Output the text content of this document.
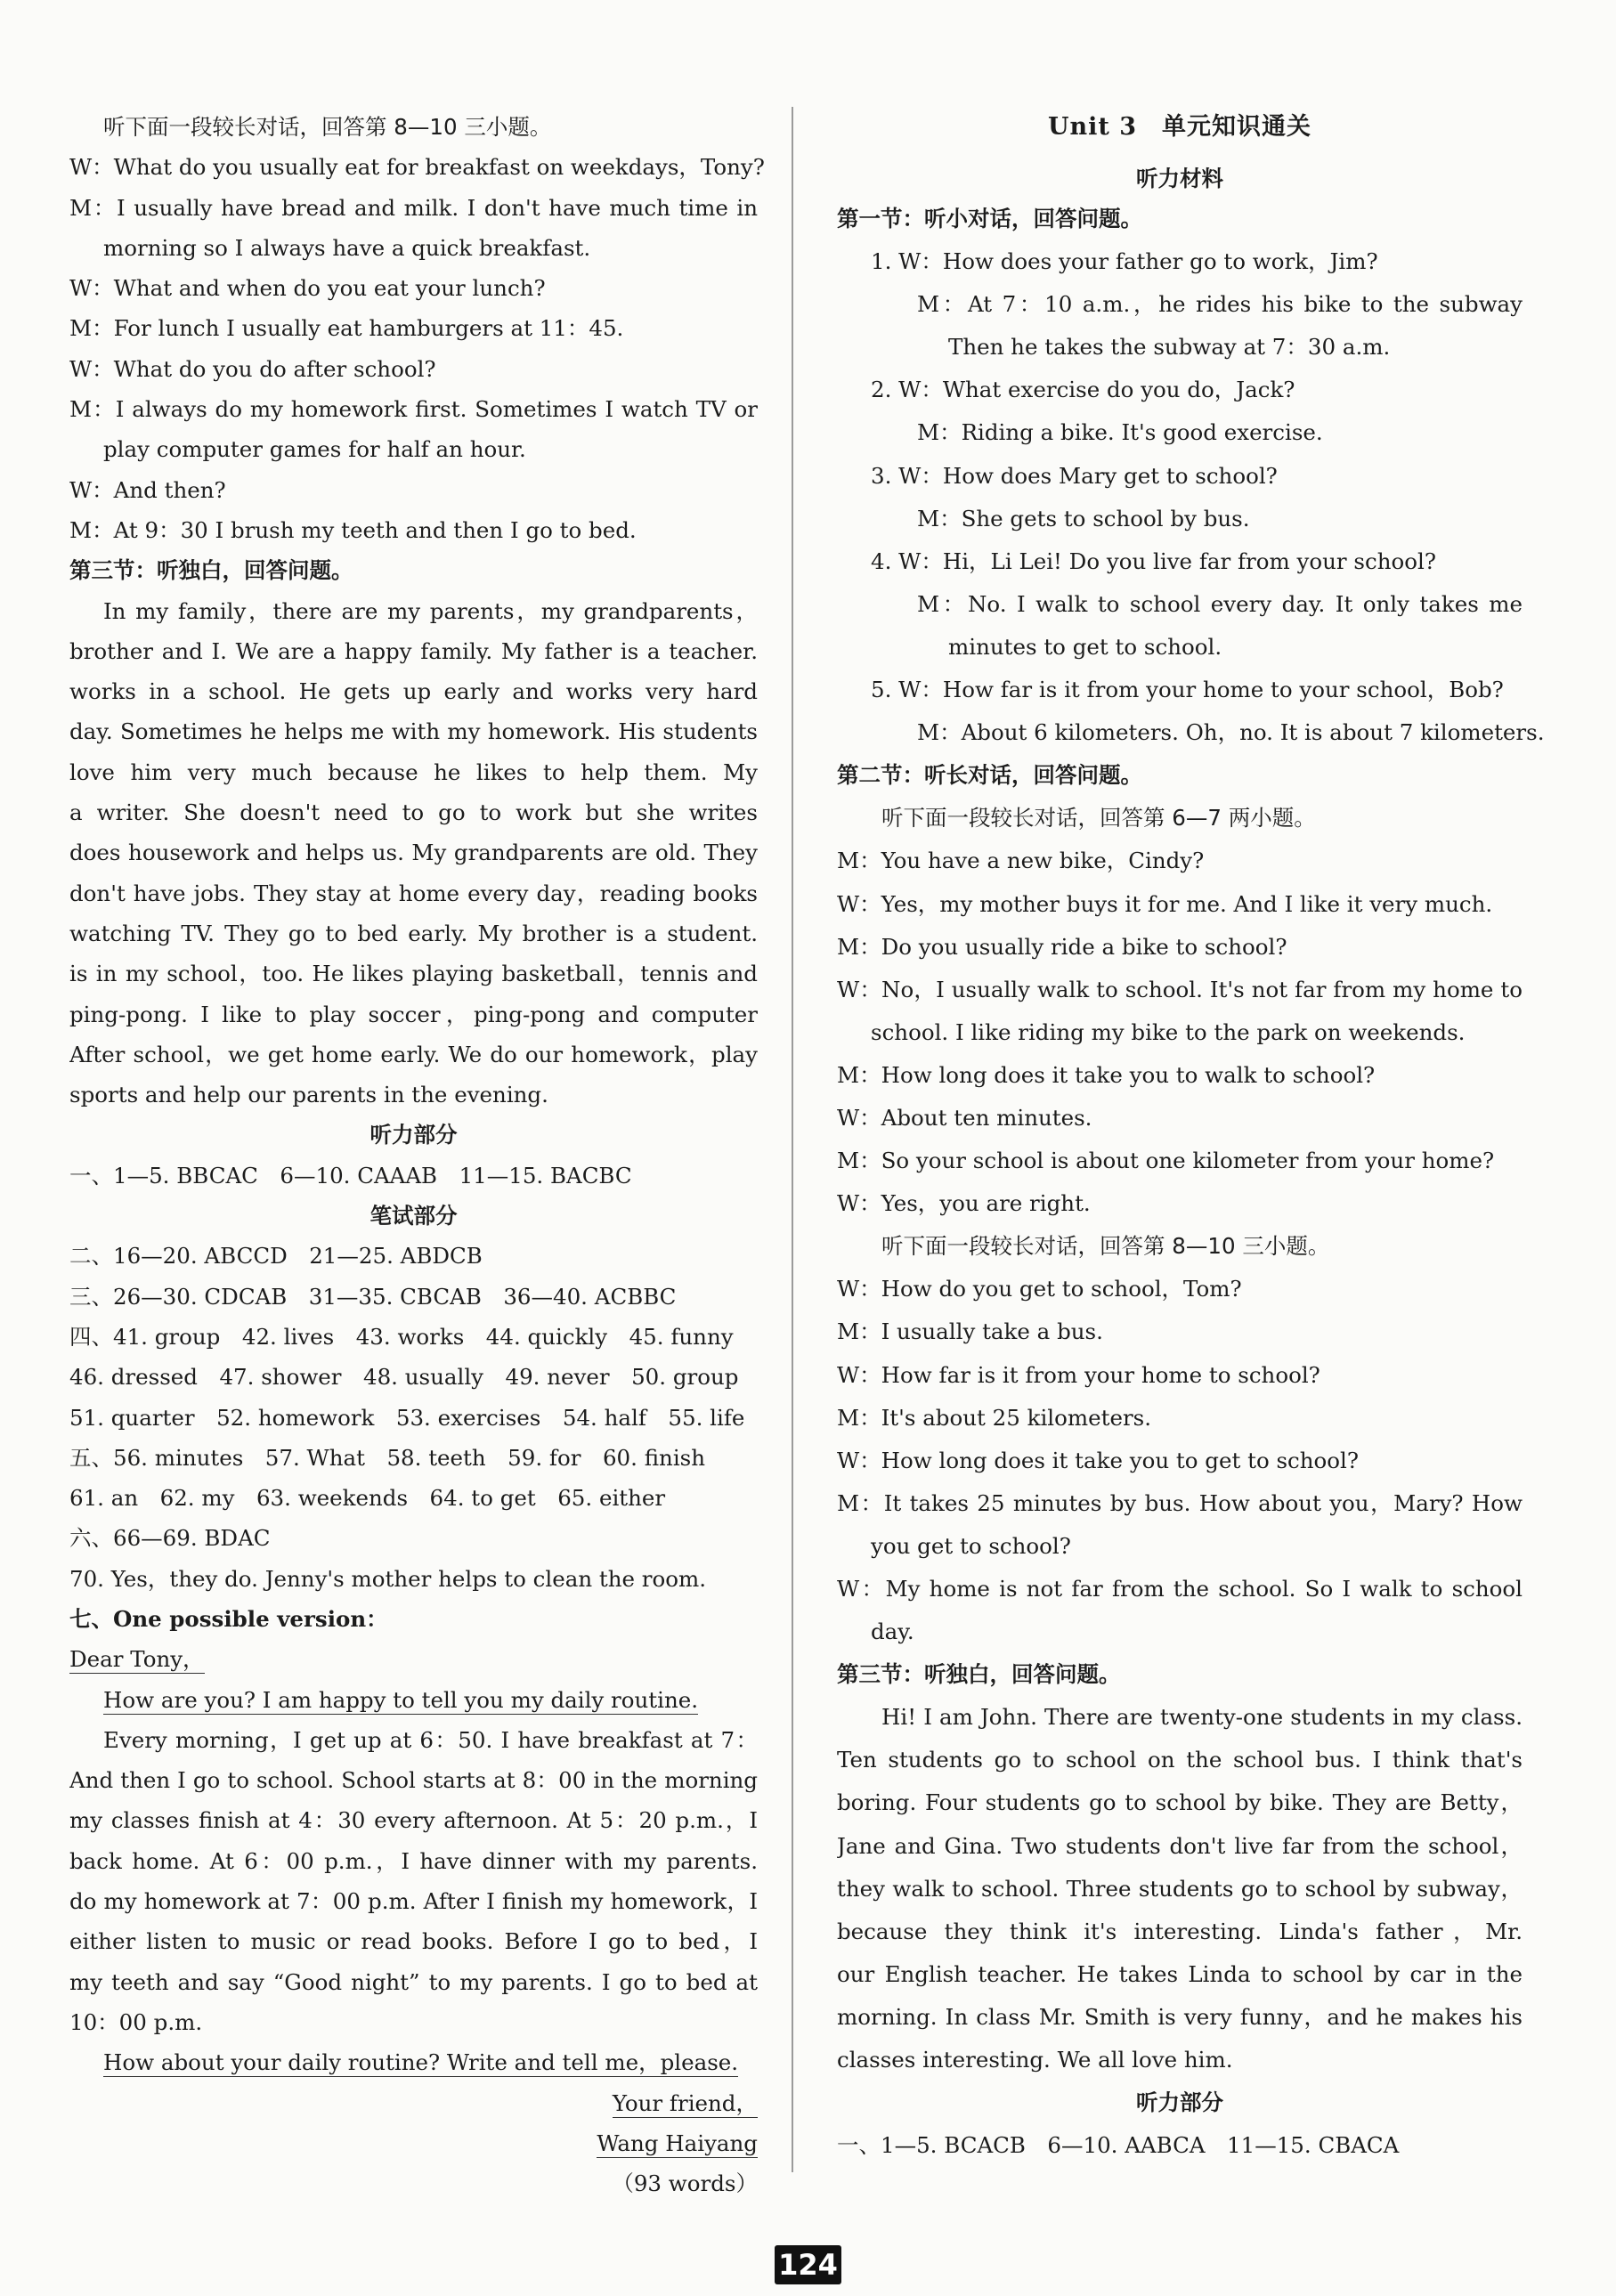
听下面一段较长对话，回答第 8—10 三小题。
W：What do you usually eat for breakfast on weekdays，Tony?
M：I usually have bread and milk. I don't have much time in
morning so I always have a quick breakfast.
W：What and when do you eat your lunch?
M：For lunch I usually eat hamburgers at 11：45.
W：What do you do after school?
M：I always do my homework first. Sometimes I watch TV or
play computer games for half an hour.
W：And then?
M：At 9：30 I brush my teeth and then I go to bed.
第三节：听独白，回答问题。
In my family，there are my parents，my grandparents，
brother and I. We are a happy family. My father is a teacher.
works in a school. He gets up early and works very hard
day. Sometimes he helps me with my homework. His students
love him very much because he likes to help them. My
a writer. She doesn't need to go to work but she writes
does housework and helps us. My grandparents are old. They
don't have jobs. They stay at home every day，reading books
watching TV. They go to bed early. My brother is a student.
is in my school，too. He likes playing basketball，tennis and
ping-pong. I like to play soccer，ping-pong and computer
After school，we get home early. We do our homework，play
sports and help our parents in the evening.
听力部分
一、1—5. BBCAC　6—10. CAAAB　11—15. BACBC
笔试部分
二、16—20. ABCCD　21—25. ABDCB
三、26—30. CDCAB　31—35. CBCAB　36—40. ACBBC
四、41. group　42. lives　43. works　44. quickly　45. funny
46. dressed　47. shower　48. usually　49. never　50. group
51. quarter　52. homework　53. exercises　54. half　55. life
五、56. minutes　57. What　58. teeth　59. for　60. finish
61. an　62. my　63. weekends　64. to get　65. either
六、66—69. BDAC
70. Yes，they do. Jenny's mother helps to clean the room.
七、One possible version：
Dear Tony，
How are you? I am happy to tell you my daily routine.
Every morning，I get up at 6：50. I have breakfast at 7：
And then I go to school. School starts at 8：00 in the morning
my classes finish at 4：30 every afternoon. At 5：20 p.m.，I
back home. At 6：00 p.m.，I have dinner with my parents.
do my homework at 7：00 p.m. After I finish my homework，I
either listen to music or read books. Before I go to bed，I
my teeth and say “Good night” to my parents. I go to bed at
10：00 p.m.
How about your daily routine? Write and tell me，please.
Your friend，
Wang Haiyang
（93 words）
Unit 3　单元知识通关
听力材料
第一节：听小对话，回答问题。
1. W：How does your father go to work，Jim?
M：At 7：10 a.m.，he rides his bike to the subway
Then he takes the subway at 7：30 a.m.
2. W：What exercise do you do，Jack?
M：Riding a bike. It's good exercise.
3. W：How does Mary get to school?
M：She gets to school by bus.
4. W：Hi，Li Lei! Do you live far from your school?
M：No. I walk to school every day. It only takes me
minutes to get to school.
5. W：How far is it from your home to your school，Bob?
M：About 6 kilometers. Oh，no. It is about 7 kilometers.
第二节：听长对话，回答问题。
听下面一段较长对话，回答第 6—7 两小题。
M：You have a new bike，Cindy?
W：Yes，my mother buys it for me. And I like it very much.
M：Do you usually ride a bike to school?
W：No，I usually walk to school. It's not far from my home to
school. I like riding my bike to the park on weekends.
M：How long does it take you to walk to school?
W：About ten minutes.
M：So your school is about one kilometer from your home?
W：Yes，you are right.
听下面一段较长对话，回答第 8—10 三小题。
W：How do you get to school，Tom?
M：I usually take a bus.
W：How far is it from your home to school?
M：It's about 25 kilometers.
W：How long does it take you to get to school?
M：It takes 25 minutes by bus. How about you，Mary? How
you get to school?
W：My home is not far from the school. So I walk to school
day.
第三节：听独白，回答问题。
Hi! I am John. There are twenty-one students in my class.
Ten students go to school on the school bus. I think that's
boring. Four students go to school by bike. They are Betty，
Jane and Gina. Two students don't live far from the school，
they walk to school. Three students go to school by subway，
because they think it's interesting. Linda's father，Mr.
our English teacher. He takes Linda to school by car in the
morning. In class Mr. Smith is very funny，and he makes his
classes interesting. We all love him.
听力部分
一、1—5. BCACB　6—10. AABCA　11—15. CBACA
124
